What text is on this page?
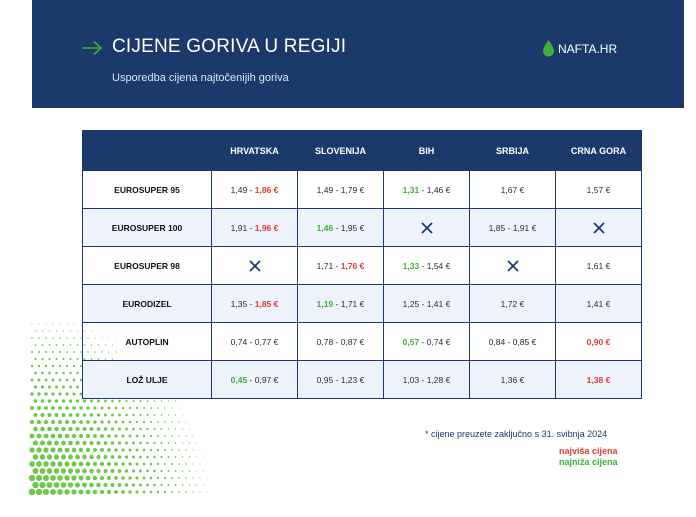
CIJENE GORIVA U REGIJI
Usporedba cijena najtočenijih goriva
NAFTA.HR
	HRVATSKA	SLOVENIJA	BIH	SRBIJA	CRNA GORA
EUROSUPER 95	1,49 - 1,86 €	1,49 - 1,79 €	1,31 - 1,46 €	1,67 €	1,57 €
EUROSUPER 100	1,91 - 1,96 €	1,46 - 1,95 €		1,85 - 1,91 €	
EUROSUPER 98		1,71 - 1,76 €	1,33 - 1,54 €		1,61 €
EURODIZEL	1,35 - 1,85 €	1,19 - 1,71 €	1,25 - 1,41 €	1,72 €	1,41 €
AUTOPLIN	0,74 - 0,77 €	0,78 - 0,87 €	0,57 - 0,74 €	0,84 - 0,85 €	0,90 €
LOŽ ULJE	0,45 - 0,97 €	0,95 - 1,23 €	1,03 - 1,28 €	1,36 €	1,38 €
* cijene preuzete zaključno s 31. svibnja 2024
najviša cijena
najniža cijena
